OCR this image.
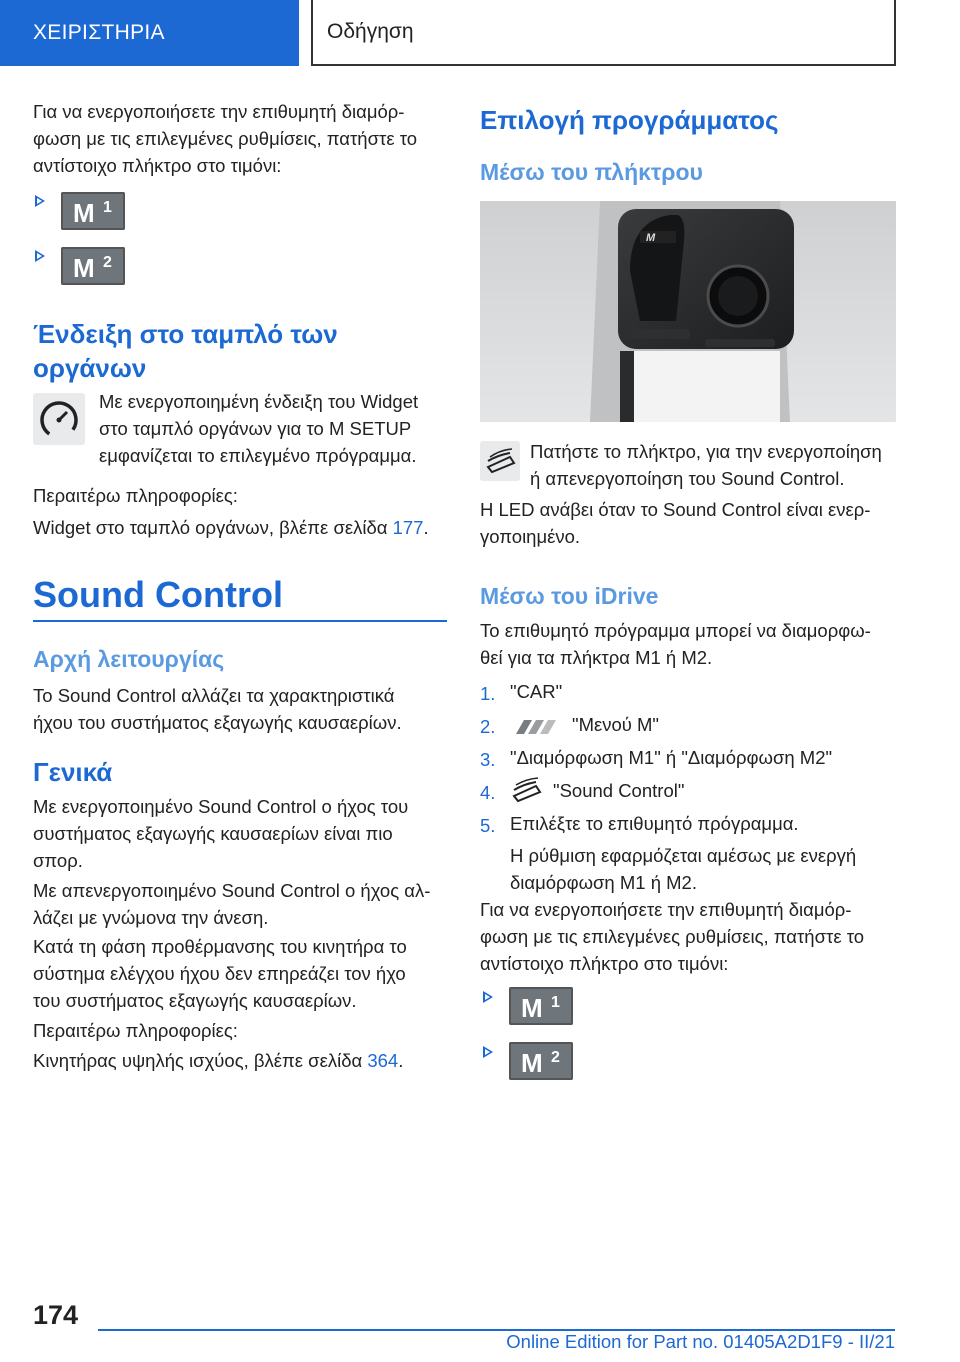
ΧΕΙΡΙΣΤΗΡΙΑ	Οδήγηση
Για να ενεργοποιήσετε την επιθυμητή διαμόρ-
φωση με τις επιλεγμένες ρυθμίσεις, πατήστε το
αντίστοιχο πλήκτρο στο τιμόνι:
M 1
M 2
Ένδειξη στο ταμπλό των
οργάνων
Με ενεργοποιημένη ένδειξη του Widget
στο ταμπλό οργάνων για το M SETUP
εμφανίζεται το επιλεγμένο πρόγραμμα.
Περαιτέρω πληροφορίες:
Widget στο ταμπλό οργάνων, βλέπε σελίδα 177.
Sound Control
Αρχή λειτουργίας
Το Sound Control αλλάζει τα χαρακτηριστικά
ήχου του συστήματος εξαγωγής καυσαερίων.
Γενικά
Με ενεργοποιημένο Sound Control ο ήχος του
συστήματος εξαγωγής καυσαερίων είναι πιο
σπορ.
Με απενεργοποιημένο Sound Control ο ήχος αλ-
λάζει με γνώμονα την άνεση.
Κατά τη φάση προθέρμανσης του κινητήρα το
σύστημα ελέγχου ήχου δεν επηρεάζει τον ήχο
του συστήματος εξαγωγής καυσαερίων.
Περαιτέρω πληροφορίες:
Κινητήρας υψηλής ισχύος, βλέπε σελίδα 364.
Επιλογή προγράμματος
Μέσω του πλήκτρου
M
Πατήστε το πλήκτρο, για την ενεργοποίηση
ή απενεργοποίηση του Sound Control.
Η LED ανάβει όταν το Sound Control είναι ενερ-
γοποιημένο.
Μέσω του iDrive
Το επιθυμητό πρόγραμμα μπορεί να διαμορφω-
θεί για τα πλήκτρα M1 ή M2.
1. "CAR"
2.	"Μενού M"
3. "Διαμόρφωση M1" ή "Διαμόρφωση M2"
4.	"Sound Control"
5. Επιλέξτε το επιθυμητό πρόγραμμα.
Η ρύθμιση εφαρμόζεται αμέσως με ενεργή
διαμόρφωση M1 ή M2.
Για να ενεργοποιήσετε την επιθυμητή διαμόρ-
φωση με τις επιλεγμένες ρυθμίσεις, πατήστε το
αντίστοιχο πλήκτρο στο τιμόνι:
M 1
M 2
174
Online Edition for Part no. 01405A2D1F9 - II/21
